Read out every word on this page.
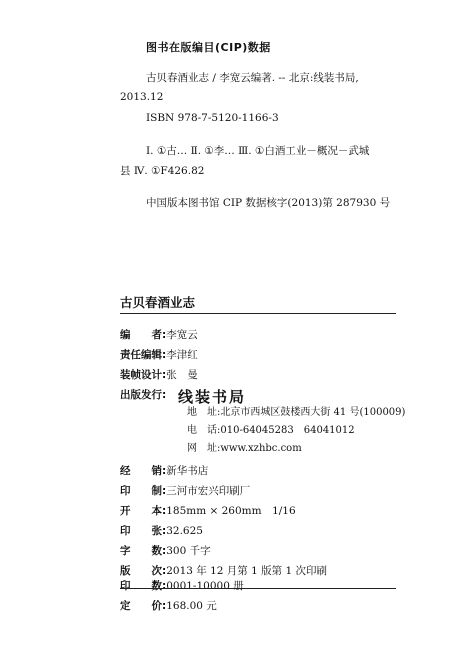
图书在版编目(CIP)数据
古贝春酒业志 / 李宽云编著. -- 北京:线装书局,
2013.12
ISBN 978-7-5120-1166-3
Ⅰ. ①古… Ⅱ. ①李… Ⅲ. ①白酒工业－概况－武城
县 Ⅳ. ①F426.82
中国版本图书馆 CIP 数据核字(2013)第 287930 号
古贝春酒业志
编　　者:李宽云
责任编辑:李津红
装帧设计:张　曼
出版发行: 线装书局
地　址:北京市西城区鼓楼西大街 41 号(100009)
电　话:010-64045283　64041012
网　址:www.xzhbc.com
经　　销:新华书店
印　　制:三河市宏兴印刷厂
开　　本:185mm × 260mm　1/16
印　　张:32.625
字　　数:300 千字
版　　次:2013 年 12 月第 1 版第 1 次印刷
印　　数:0001-10000 册
定　　价:168.00 元
